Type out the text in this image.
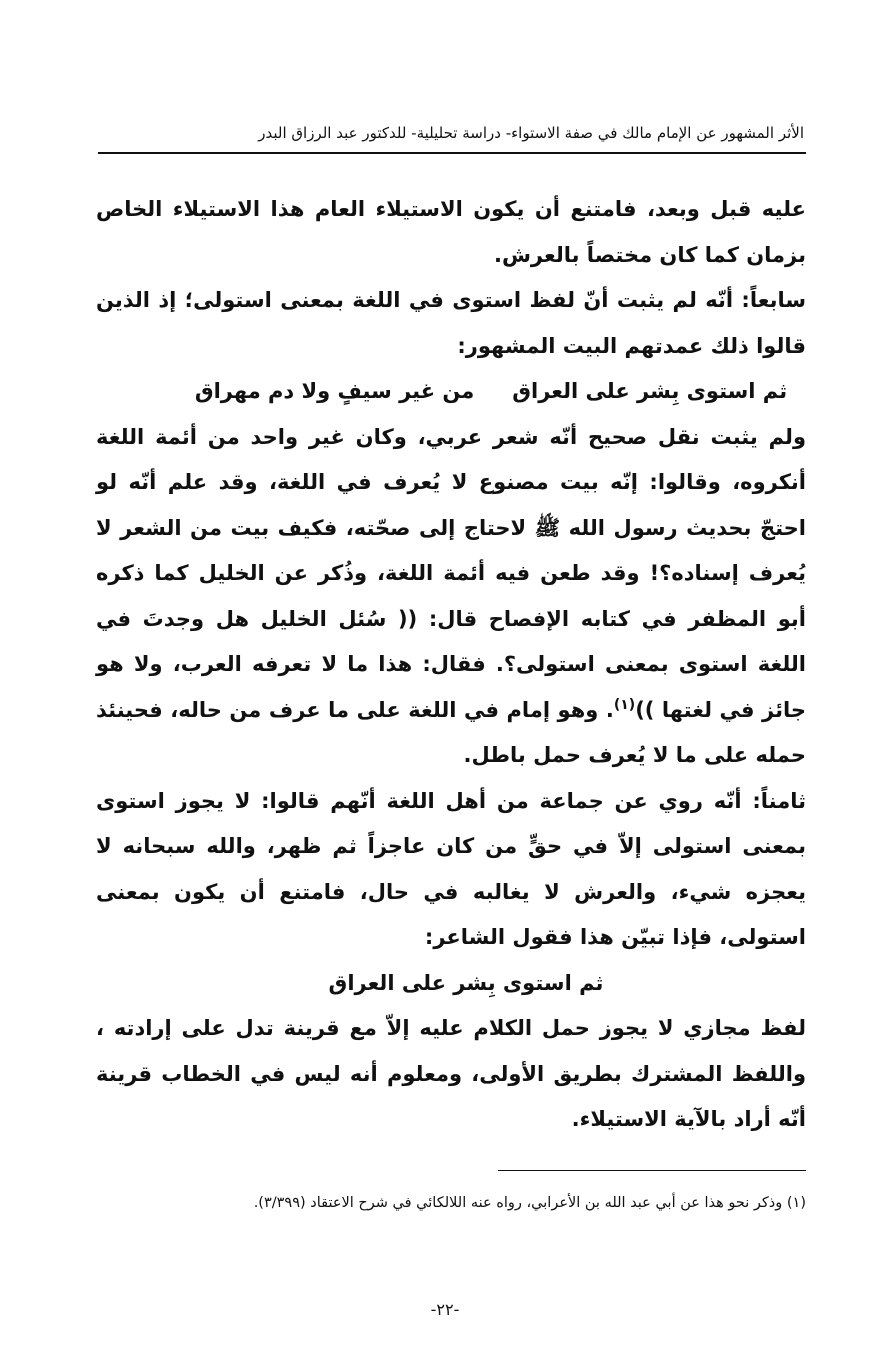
الأثر المشهور عن الإمام مالك في صفة الاستواء- دراسة تحليلية- للدكتور عبد الرزاق البدر

عليه قبل وبعد، فامتنع أن يكون الاستيلاء العام هذا الاستيلاء الخاص بزمان كما كان مختصاً بالعرش.

سابعاً: أنّه لم يثبت أنّ لفظ استوى في اللغة بمعنى استولى؛ إذ الذين قالوا ذلك عمدتهم البيت المشهور:

ثم استوى بِشر على العراقمن غير سيفٍ ولا دم مهراق

ولم يثبت نقل صحيح أنّه شعر عربي، وكان غير واحد من أئمة اللغة أنكروه، وقالوا: إنّه بيت مصنوع لا يُعرف في اللغة، وقد علم أنّه لو احتجّ بحديث رسول الله ﷺ لاحتاج إلى صحّته، فكيف بيت من الشعر لا يُعرف إسناده؟! وقد طعن فيه أئمة اللغة، وذُكر عن الخليل كما ذكره أبو المظفر في كتابه الإفصاح قال: (( سُئل الخليل هل وجدتَ في اللغة استوى بمعنى استولى؟. فقال: هذا ما لا تعرفه العرب، ولا هو جائز في لغتها ))$^{(١)}$. وهو إمام في اللغة على ما عرف من حاله، فحينئذ حمله على ما لا يُعرف حمل باطل.

ثامناً: أنّه روي عن جماعة من أهل اللغة أنّهم قالوا: لا يجوز استوى بمعنى استولى إلاّ في حقٍّ من كان عاجزاً ثم ظهر، والله سبحانه لا يعجزه شيء، والعرش لا يغالبه في حال، فامتنع أن يكون بمعنى استولى، فإذا تبيّن هذا فقول الشاعر:

ثم استوى بِشر على العراق

لفظ مجازي لا يجوز حمل الكلام عليه إلاّ مع قرينة تدل على إرادته ، واللفظ المشترك بطريق الأولى، ومعلوم أنه ليس في الخطاب قرينة أنّه أراد بالآية الاستيلاء.

(١) وذكر نحو هذا عن أبي عبد الله بن الأعرابي، رواه عنه اللالكائي في شرح الاعتقاد (٣/٣٩٩).
-٢٢-
